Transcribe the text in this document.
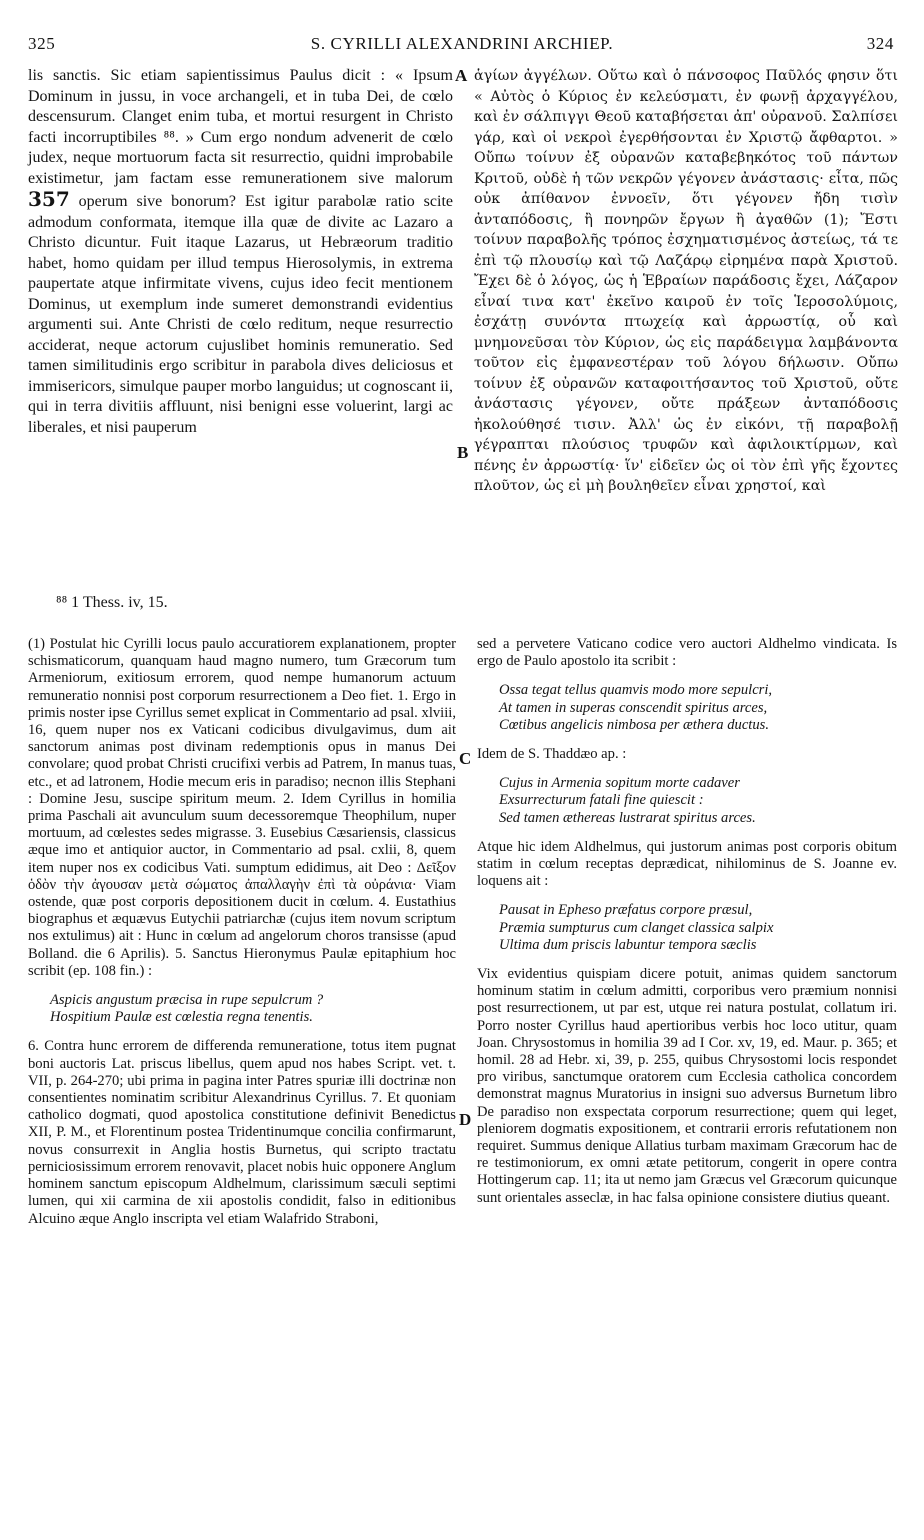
325	S. CYRILLI ALEXANDRINI ARCHIEP.	324
lis sanctis. Sic etiam sapientissimus Paulus dicit : « Ipsum Dominum in jussu, in voce archangeli, et in tuba Dei, de cœlo descensurum. Clanget enim tuba, et mortui resurgent in Christo facti incorruptibiles ⁸⁸. » Cum ergo nondum advenerit de cœlo judex, neque mortuorum facta sit resurrectio, quidni improbabile existimetur, jam factam esse remunerationem sive malorum 357 operum sive bonorum? Est igitur parabolæ ratio scite admodum conformata, itemque illa quæ de divite ac Lazaro a Christo dicuntur. Fuit itaque Lazarus, ut Hebræorum traditio habet, homo quidam per illud tempus Hierosolymis, in extrema paupertate atque infirmitate vivens, cujus ideo fecit mentionem Dominus, ut exemplum inde sumeret demonstrandi evidentius argumenti sui. Ante Christi de cœlo reditum, neque resurrectio acciderat, neque actorum cujuslibet hominis remuneratio. Sed tamen similitudinis ergo scribitur in parabola dives deliciosus et immisericors, simulque pauper morbo languidus; ut cognoscant ii, qui in terra divitiis affluunt, nisi benigni esse voluerint, largi ac liberales, et nisi pauperum
A
B
C
D
ἁγίων ἀγγέλων. Οὕτω καὶ ὁ πάνσοφος Παῦλός φησιν ὅτι « Αὐτὸς ὁ Κύριος ἐν κελεύσματι, ἐν φωνῇ ἀρχαγγέλου, καὶ ἐν σάλπιγγι Θεοῦ καταβήσεται ἀπ' οὐρανοῦ. Σαλπίσει γάρ, καὶ οἱ νεκροὶ ἐγερθήσονται ἐν Χριστῷ ἄφθαρτοι. » Οὔπω τοίνυν ἐξ οὐρανῶν καταβεβηκότος τοῦ πάντων Κριτοῦ, οὐδὲ ἡ τῶν νεκρῶν γέγονεν ἀνάστασις· εἶτα, πῶς οὐκ ἀπίθανον ἐννοεῖν, ὅτι γέγονεν ἤδη τισὶν ἀνταπόδοσις, ἢ πονηρῶν ἔργων ἢ ἀγαθῶν (1); Ἔστι τοίνυν παραβολῆς τρόπος ἐσχηματισμένος ἀστείως, τά τε ἐπὶ τῷ πλουσίῳ καὶ τῷ Λαζάρῳ εἰρημένα παρὰ Χριστοῦ. Ἔχει δὲ ὁ λόγος, ὡς ἡ Ἑβραίων παράδοσις ἔχει, Λάζαρον εἶναί τινα κατ' ἐκεῖνο καιροῦ ἐν τοῖς Ἱεροσολύμοις, ἐσχάτῃ συνόντα πτωχείᾳ καὶ ἀρρωστίᾳ, οὗ καὶ μνημονεῦσαι τὸν Κύριον, ὡς εἰς παράδειγμα λαμβάνοντα τοῦτον εἰς ἐμφανεστέραν τοῦ λόγου δήλωσιν. Οὔπω τοίνυν ἐξ οὐρανῶν καταφοιτήσαντος τοῦ Χριστοῦ, οὔτε ἀνάστασις γέγονεν, οὔτε πράξεων ἀνταπόδοσις ἠκολούθησέ τισιν. Ἀλλ' ὡς ἐν εἰκόνι, τῇ παραβολῇ γέγραπται πλούσιος τρυφῶν καὶ ἀφιλοικτίρμων, καὶ πένης ἐν ἀρρωστίᾳ· ἵν' εἰδεῖεν ὡς οἱ τὸν ἐπὶ γῆς ἔχοντες πλοῦτον, ὡς εἰ μὴ βουληθεῖεν εἶναι χρηστοί, καὶ
⁸⁸ 1 Thess. iv, 15.

(1) Postulat hic Cyrilli locus paulo accuratiorem explanationem, propter schismaticorum, quanquam haud magno numero, tum Græcorum tum Armeniorum, exitiosum errorem, quod nempe humanorum actuum remuneratio nonnisi post corporum resurrectionem a Deo fiet. 1. Ergo in primis noster ipse Cyrillus semet explicat in Commentario ad psal. xlviii, 16, quem nuper nos ex Vaticani codicibus divulgavimus, dum ait sanctorum animas post divinam redemptionis opus in manus Dei convolare; quod probat Christi crucifixi verbis ad Patrem, In manus tuas, etc., et ad latronem, Hodie mecum eris in paradiso; necnon illis Stephani : Domine Jesu, suscipe spiritum meum. 2. Idem Cyrillus in homilia prima Paschali ait avunculum suum decessoremque Theophilum, nuper mortuum, ad cœlestes sedes migrasse. 3. Eusebius Cæsariensis, classicus æque imo et antiquior auctor, in Commentario ad psal. cxlii, 8, quem item nuper nos ex codicibus Vati. sumptum edidimus, ait Deo : Δεῖξον ὁδὸν τὴν ἀγουσαν μετὰ σώματος ἀπαλλαγὴν ἐπὶ τὰ οὐράνια· Viam ostende, quæ post corporis depositionem ducit in cœlum. 4. Eustathius biographus et æquævus Eutychii patriarchæ (cujus item novum scriptum nos extulimus) ait : Hunc in cœlum ad angelorum choros transisse (apud Bolland. die 6 Aprilis). 5. Sanctus Hieronymus Paulæ epitaphium hoc scribit (ep. 108 fin.) :

Aspicis angustum præcisa in rupe sepulcrum ?
Hospitium Paulæ est cœlestia regna tenentis.

6. Contra hunc errorem de differenda remuneratione, totus item pugnat boni auctoris Lat. priscus libellus, quem apud nos habes Script. vet. t. VII, p. 264-270; ubi prima in pagina inter Patres spuriæ illi doctrinæ non consentientes nominatim scribitur Alexandrinus Cyrillus. 7. Et quoniam catholico dogmati, quod apostolica constitutione definivit Benedictus XII, P. M., et Florentinum postea Tridentinumque concilia confirmarunt, novus consurrexit in Anglia hostis Burnetus, qui scripto tractatu perniciosissimum errorem renovavit, placet nobis huic opponere Anglum hominem sanctum episcopum Aldhelmum, clarissimum sæculi septimi lumen, qui xii carmina de xii apostolis condidit, falso in editionibus Alcuino æque Anglo inscripta vel etiam Walafrido Straboni,

sed a pervetere Vaticano codice vero auctori Aldhelmo vindicata. Is ergo de Paulo apostolo ita scribit :

Ossa tegat tellus quamvis modo more sepulcri,
At tamen in superas conscendit spiritus arces,
Cœtibus angelicis nimbosa per æthera ductus.

Idem de S. Thaddæo ap. :

Cujus in Armenia sopitum morte cadaver
Exsurrecturum fatali fine quiescit :
Sed tamen æthereas lustrarat spiritus arces.

Atque hic idem Aldhelmus, qui justorum animas post corporis obitum statim in cœlum receptas deprædicat, nihilominus de S. Joanne ev. loquens ait :

Pausat in Epheso præfatus corpore præsul,
Præmia sumpturus cum clanget classica salpix
Ultima dum priscis labuntur tempora sæclis

Vix evidentius quispiam dicere potuit, animas quidem sanctorum hominum statim in cœlum admitti, corporibus vero præmium nonnisi post resurrectionem, ut par est, utque rei natura postulat, collatum iri. Porro noster Cyrillus haud apertioribus verbis hoc loco utitur, quam Joan. Chrysostomus in homilia 39 ad I Cor. xv, 19, ed. Maur. p. 365; et homil. 28 ad Hebr. xi, 39, p. 255, quibus Chrysostomi locis respondet pro viribus, sanctumque oratorem cum Ecclesia catholica concordem demonstrat magnus Muratorius in insigni suo adversus Burnetum libro De paradiso non exspectata corporum resurrectione; quem qui leget, pleniorem dogmatis expositionem, et contrarii erroris refutationem non requiret. Summus denique Allatius turbam maximam Græcorum hac de re testimoniorum, ex omni ætate petitorum, congerit in opere contra Hottingerum cap. 11; ita ut nemo jam Græcus vel Græcorum quicunque sunt orientales asseclæ, in hac falsa opinione consistere diutius queant.
